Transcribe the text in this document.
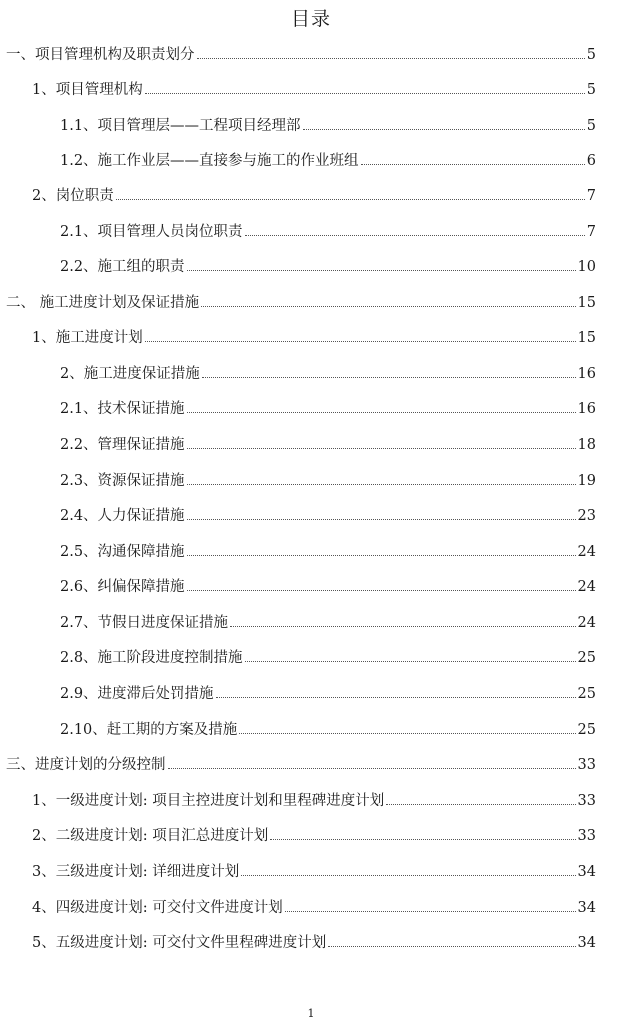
目录
一、项目管理机构及职责划分	5
1、项目管理机构	5
1.1、项目管理层——工程项目经理部	5
1.2、施工作业层——直接参与施工的作业班组	6
2、岗位职责	7
2.1、项目管理人员岗位职责	7
2.2、施工组的职责	10
二、 施工进度计划及保证措施	15
1、施工进度计划	15
2、施工进度保证措施	16
2.1、技术保证措施	16
2.2、管理保证措施	18
2.3、资源保证措施	19
2.4、人力保证措施	23
2.5、沟通保障措施	24
2.6、纠偏保障措施	24
2.7、节假日进度保证措施	24
2.8、施工阶段进度控制措施	25
2.9、进度滞后处罚措施	25
2.10、赶工期的方案及措施	25
三、进度计划的分级控制	33
1、一级进度计划: 项目主控进度计划和里程碑进度计划	33
2、二级进度计划: 项目汇总进度计划	33
3、三级进度计划: 详细进度计划	34
4、四级进度计划: 可交付文件进度计划	34
5、五级进度计划: 可交付文件里程碑进度计划	34
1
